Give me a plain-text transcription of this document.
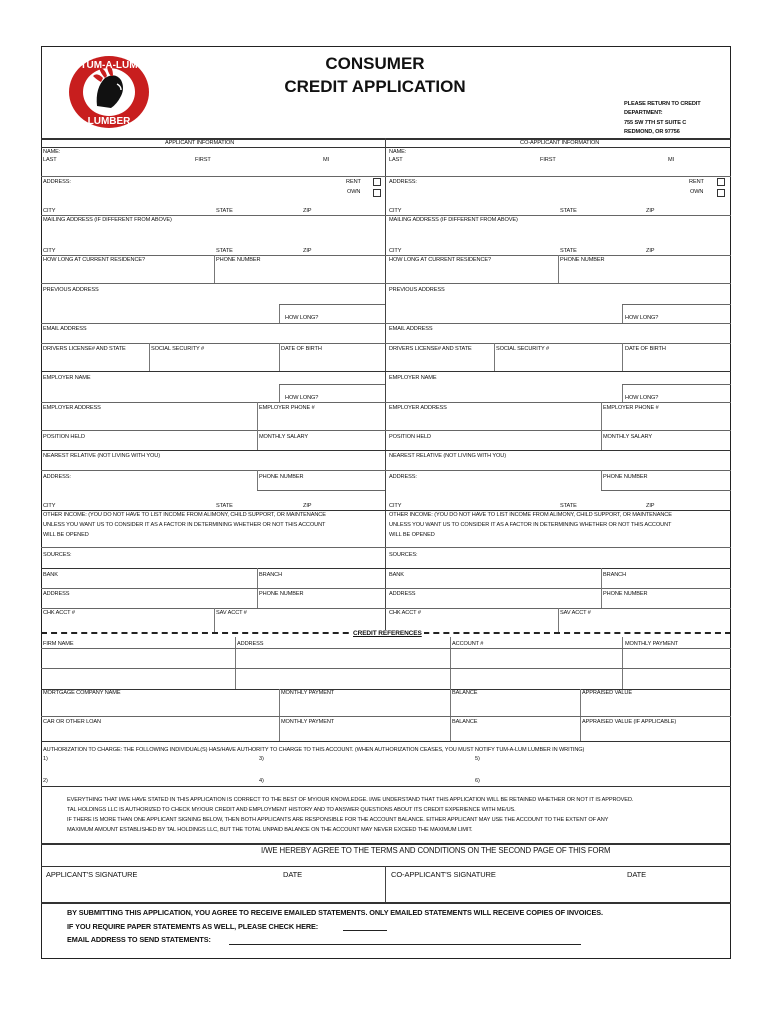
TUM-A-LUM
LUMBER
CONSUMER
CREDIT APPLICATION
PLEASE RETURN TO CREDIT
DEPARTMENT:
755 SW 7TH ST SUITE C
REDMOND, OR 97756
APPLICANT INFORMATION	CO-APPLICANT INFORMATION
NAME:
LAST	FIRST	MI
ADDRESS:	RENT
OWN
CITY	STATE	ZIP
MAILING ADDRESS (IF DIFFERENT FROM ABOVE)
CITY	STATE	ZIP
HOW LONG AT CURRENT RESIDENCE?	PHONE NUMBER
PREVIOUS ADDRESS
HOW LONG?
EMAIL ADDRESS
DRIVERS LICENSE# AND STATE	SOCIAL SECURITY #	DATE OF BIRTH
EMPLOYER NAME
HOW LONG?
EMPLOYER ADDRESS	EMPLOYER PHONE #
POSITION HELD	MONTHLY SALARY
NEAREST RELATIVE (NOT LIVING WITH YOU)
ADDRESS:	PHONE NUMBER
CITY	STATE	ZIP
OTHER INCOME: (YOU DO NOT HAVE TO LIST INCOME FROM ALIMONY, CHILD SUPPORT, OR MAINTENANCE
UNLESS YOU WANT US TO CONSIDER IT AS A FACTOR IN DETERMINING WHETHER OR NOT THIS ACCOUNT
WILL BE OPENED
SOURCES:
BANK	BRANCH
ADDRESS	PHONE NUMBER
CHK ACCT #	SAV ACCT #
NAME:
LAST	FIRST	MI
ADDRESS:	RENT
OWN
CITY	STATE	ZIP
MAILING ADDRESS (IF DIFFERENT FROM ABOVE)
CITY	STATE	ZIP
HOW LONG AT CURRENT RESIDENCE?	PHONE NUMBER
PREVIOUS ADDRESS
HOW LONG?
EMAIL ADDRESS
DRIVERS LICENSE# AND STATE	SOCIAL SECURITY #	DATE OF BIRTH
EMPLOYER NAME
HOW LONG?
EMPLOYER ADDRESS	EMPLOYER PHONE #
POSITION HELD	MONTHLY SALARY
NEAREST RELATIVE (NOT LIVING WITH YOU)
ADDRESS:	PHONE NUMBER
CITY	STATE	ZIP
OTHER INCOME: (YOU DO NOT HAVE TO LIST INCOME FROM ALIMONY, CHILD SUPPORT, OR MAINTENANCE
UNLESS YOU WANT US TO CONSIDER IT AS A FACTOR IN DETERMINING WHETHER OR NOT THIS ACCOUNT
WILL BE OPENED
SOURCES:
BANK	BRANCH
ADDRESS	PHONE NUMBER
CHK ACCT #	SAV ACCT #
CREDIT REFERENCES
FIRM NAME	ADDRESS	ACCOUNT #	MONTHLY PAYMENT
MORTGAGE COMPANY NAME	MONTHLY PAYMENT	BALANCE	APPRAISED VALUE
CAR OR OTHER LOAN	MONTHLY PAYMENT	BALANCE	APPRAISED VALUE (IF APPLICABLE)
AUTHORIZATION TO CHARGE: THE FOLLOWING INDIVIDUAL(S) HAS/HAVE AUTHORITY TO CHARGE TO THIS ACCOUNT. (WHEN AUTHORIZATION CEASES, YOU MUST NOTIFY TUM-A-LUM LUMBER IN WRITING)
1)	3)	5)
2)	4)	6)
EVERYTHING THAT I/WE HAVE STATED IN THIS APPLICATION IS CORRECT TO THE BEST OF MY/OUR KNOWLEDGE. I/WE UNDERSTAND THAT THIS APPLICATION WILL BE RETAINED WHETHER OR NOT IT IS APPROVED.
TAL HOLDINGS LLC IS AUTHORIZED TO CHECK MY/OUR CREDIT AND EMPLOYMENT HISTORY AND TO ANSWER QUESTIONS ABOUT ITS CREDIT EXPERIENCE WITH ME/US.
IF THERE IS MORE THAN ONE APPLICANT SIGNING BELOW, THEN BOTH APPLICANTS ARE RESPONSIBLE FOR THE ACCOUNT BALANCE. EITHER APPLICANT MAY USE THE ACCOUNT TO THE EXTENT OF ANY
MAXIMUM AMOUNT ESTABLISHED BY TAL HOLDINGS LLC, BUT THE TOTAL UNPAID BALANCE ON THE ACCOUNT MAY NEVER EXCEED THE MAXIMUM LIMIT.
I/WE HEREBY AGREE TO THE TERMS AND CONDITIONS ON THE SECOND PAGE OF THIS FORM
APPLICANT'S SIGNATURE	DATE	CO-APPLICANT'S SIGNATURE	DATE
BY SUBMITTING THIS APPLICATION, YOU AGREE TO RECEIVE EMAILED STATEMENTS. ONLY EMAILED STATEMENTS WILL RECEIVE COPIES OF INVOICES.
IF YOU REQUIRE PAPER STATEMENTS AS WELL, PLEASE CHECK HERE:
EMAIL ADDRESS TO SEND STATEMENTS:
